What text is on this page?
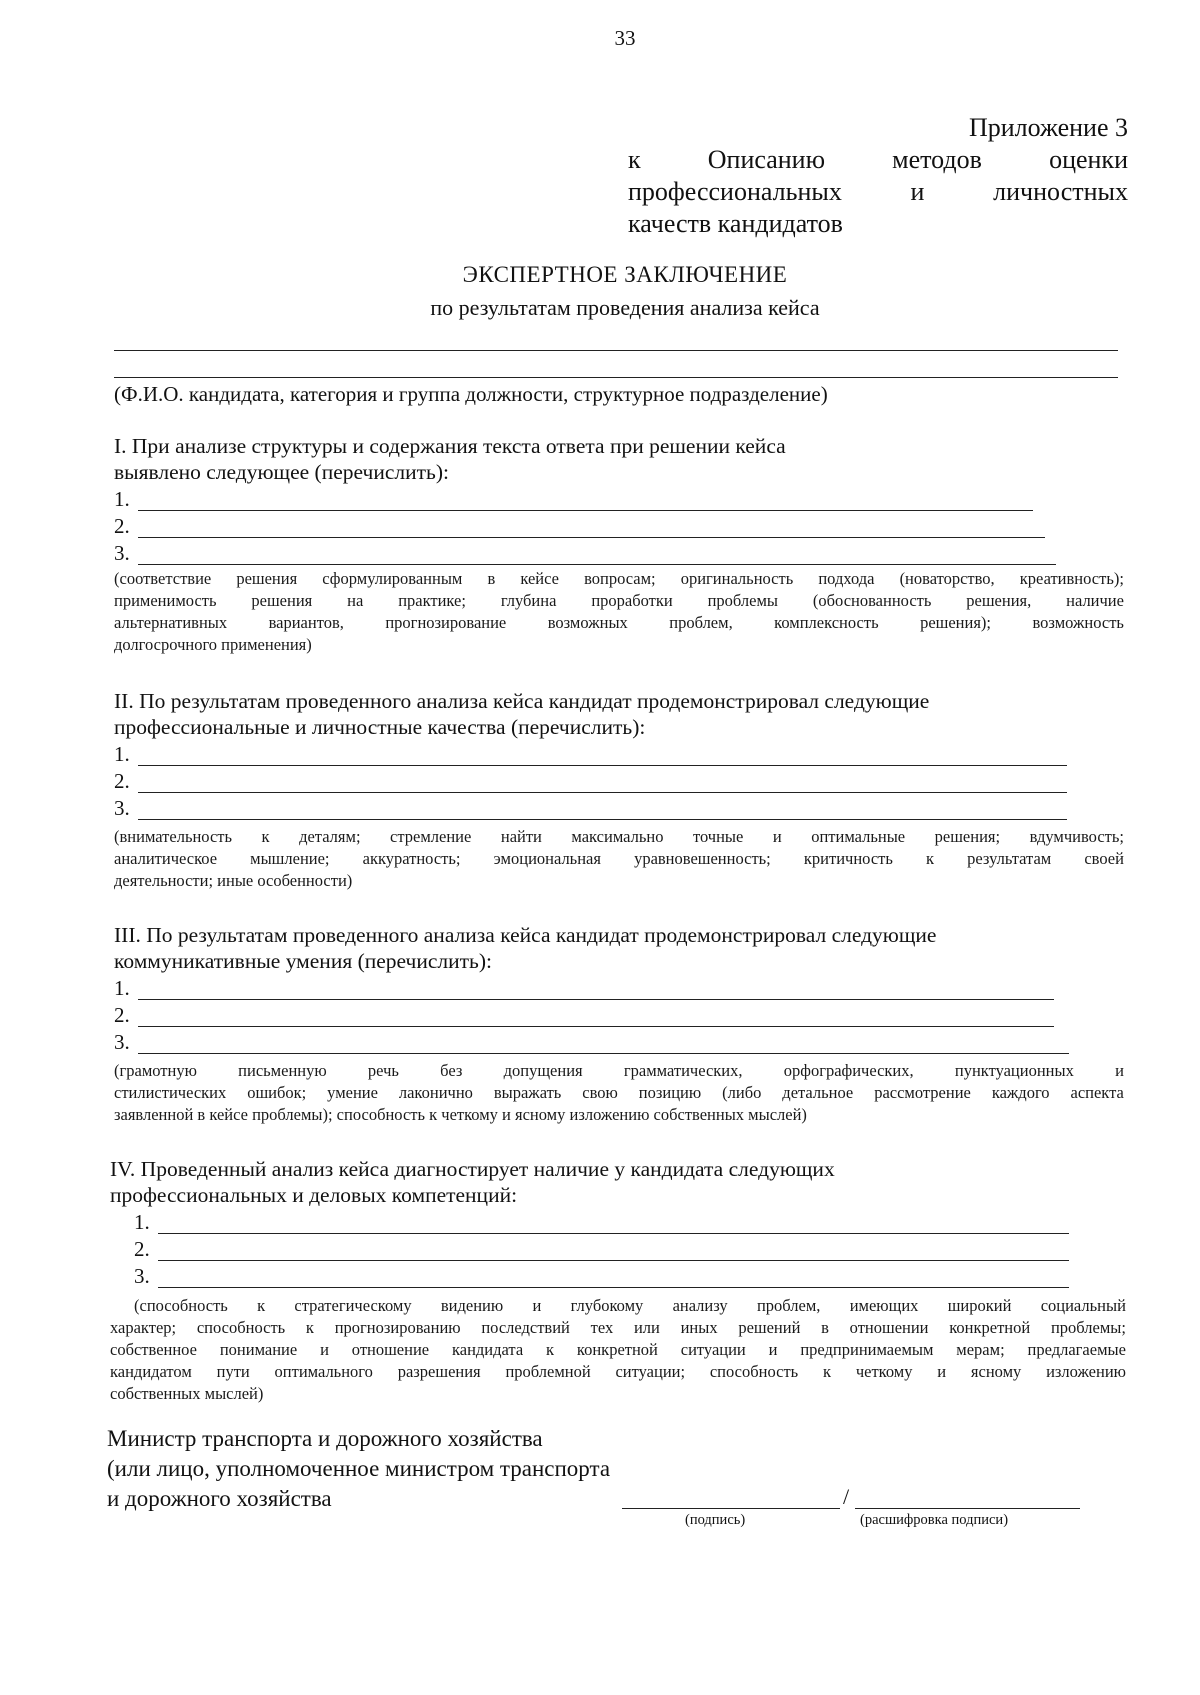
33
Приложение 3
к	Описанию	методов	оценки
профессиональных	и	личностных
качеств кандидатов
ЭКСПЕРТНОЕ ЗАКЛЮЧЕНИЕ
по результатам проведения анализа кейса
(Ф.И.О. кандидата, категория и группа должности, структурное подразделение)
I. При анализе структуры и содержания текста ответа при решении кейса
выявлено следующее (перечислить):
1.
2.
3.
(соответствие решения сформулированным в кейсе вопросам; оригинальность подхода (новаторство, креативность);
применимость решения на практике; глубина проработки проблемы (обоснованность решения, наличие
альтернативных	вариантов,	прогнозирование	возможных	проблем,	комплексность	решения);	возможность
долгосрочного применения)
II. По результатам проведенного анализа кейса кандидат продемонстрировал следующие
профессиональные и личностные качества (перечислить):
1.
2.
3.
(внимательность к деталям; стремление найти максимально точные и оптимальные решения; вдумчивость;
аналитическое мышление; аккуратность; эмоциональная уравновешенность; критичность к результатам своей
деятельности; иные особенности)
III. По результатам проведенного анализа кейса кандидат продемонстрировал следующие
коммуникативные умения (перечислить):
1.
2.
3.
(грамотную письменную речь без допущения грамматических, орфографических, пунктуационных и
стилистических ошибок; умение лаконично выражать свою позицию (либо детальное рассмотрение каждого аспекта
заявленной в кейсе проблемы); способность к четкому и ясному изложению собственных мыслей)
IV. Проведенный анализ кейса диагностирует наличие у кандидата следующих
профессиональных и деловых компетенций:
1.
2.
3.
(способность к стратегическому видению и глубокому анализу проблем, имеющих широкий социальный
характер; способность к прогнозированию последствий тех или иных решений в отношении конкретной проблемы;
собственное понимание и отношение кандидата к конкретной ситуации и предпринимаемым мерам; предлагаемые
кандидатом пути оптимального разрешения проблемной ситуации; способность к четкому и ясному изложению
собственных мыслей)
Министр транспорта и дорожного хозяйства
(или лицо, уполномоченное министром транспорта
и дорожного хозяйства	/
(подпись)	(расшифровка подписи)
